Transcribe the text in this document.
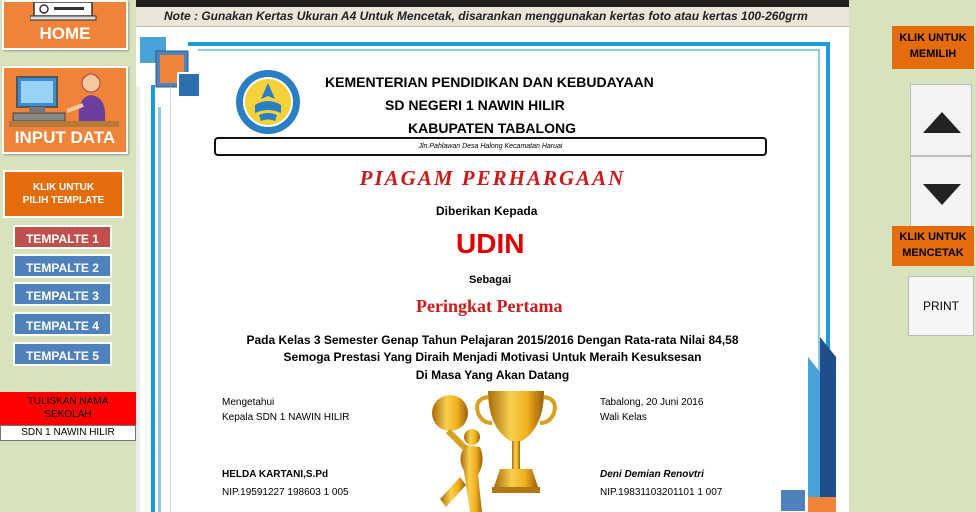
HOME
INPUT DATA
KLIK UNTUK
PILIH TEMPLATE
TEMPALTE 1
TEMPALTE 2
TEMPALTE 3
TEMPALTE 4
TEMPALTE 5
TULISKAN NAMA
SEKOLAH
SDN 1 NAWIN HILIR
Note : Gunakan Kertas Ukuran A4 Untuk Mencetak, disarankan menggunakan kertas foto atau kertas 100-260grm
KEMENTERIAN PENDIDIKAN DAN KEBUDAYAAN
SD NEGERI 1 NAWIN HILIR
KABUPATEN TABALONG
Jln.Pahlawan Desa Halong Kecamatan Haruai
PIAGAM PERHARGAAN
Diberikan Kepada
UDIN
Sebagai
Peringkat Pertama
Pada Kelas 3 Semester Genap Tahun Pelajaran 2015/2016 Dengan Rata-rata Nilai 84,58
Semoga Prestasi Yang Diraih Menjadi Motivasi Untuk Meraih Kesuksesan
Di Masa Yang Akan Datang
Mengetahui
Kepala SDN 1 NAWIN HILIR
HELDA KARTANI,S.Pd
NIP.19591227 198603 1 005
Tabalong, 20 Juni 2016
Wali Kelas
Deni Demian Renovtri
NIP.19831103201101 1 007
KLIK UNTUK
MEMILIH
KLIK UNTUK
MENCETAK
PRINT
